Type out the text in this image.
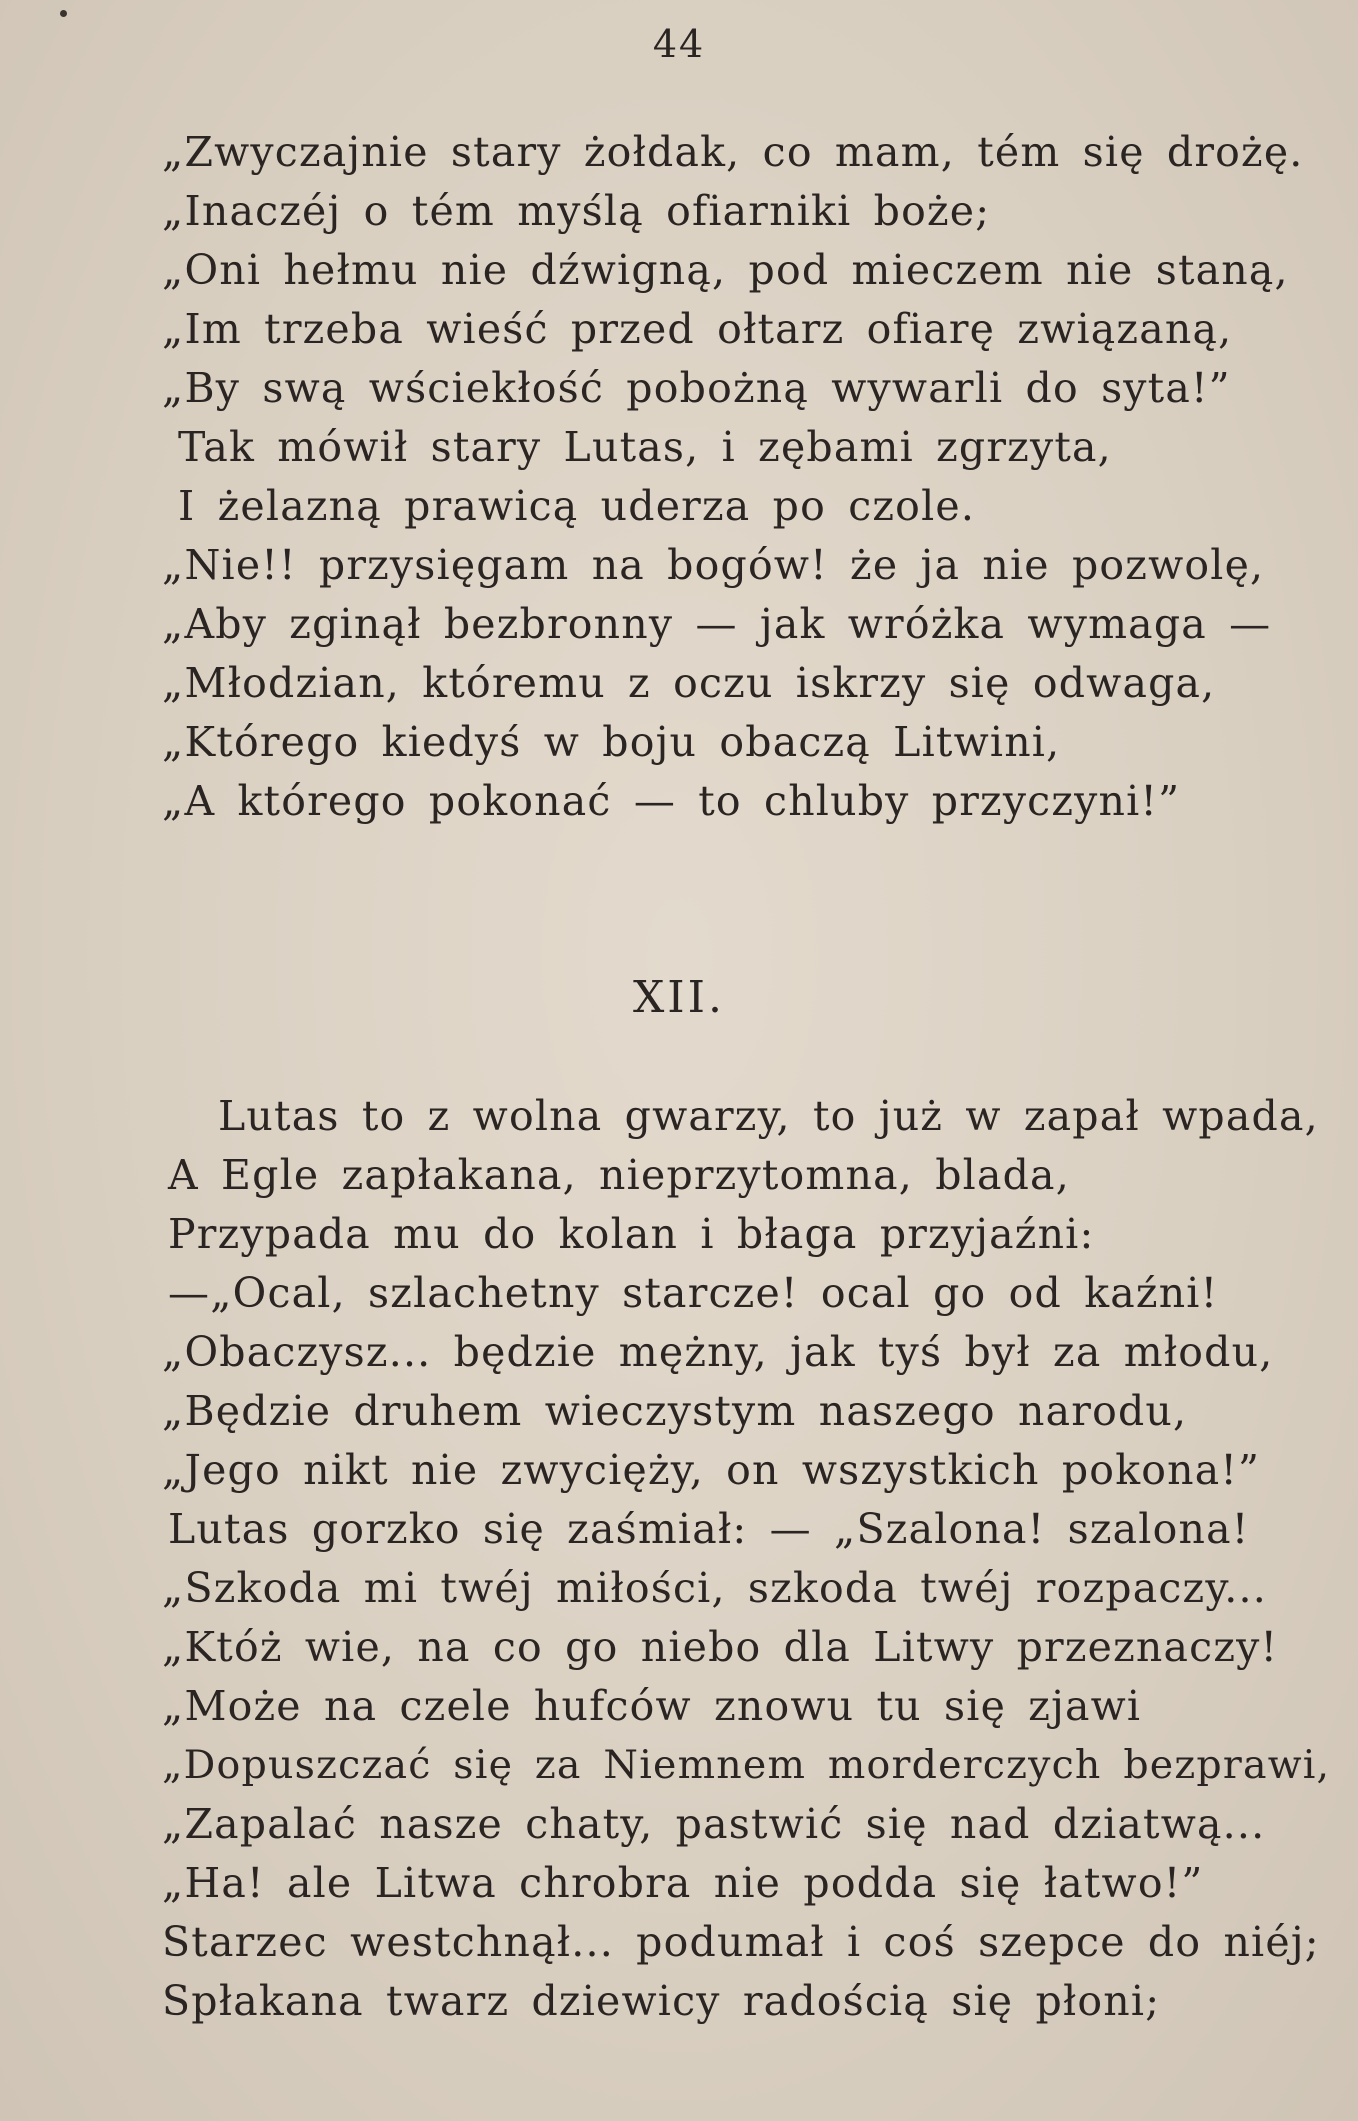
44
„Zwyczajnie stary żołdak, co mam, tém się drożę.
„Inaczéj o tém myślą ofiarniki boże;
„Oni hełmu nie dźwigną, pod mieczem nie staną,
„Im trzeba wieść przed ołtarz ofiarę związaną,
„By swą wściekłość pobożną wywarli do syta!”
Tak mówił stary Lutas, i zębami zgrzyta,
I żelazną prawicą uderza po czole.
„Nie!! przysięgam na bogów! że ja nie pozwolę,
„Aby zginął bezbronny — jak wróżka wymaga —
„Młodzian, któremu z oczu iskrzy się odwaga,
„Którego kiedyś w boju obaczą Litwini,
„A którego pokonać — to chluby przyczyni!”
XII.
Lutas to z wolna gwarzy, to już w zapał wpada,
A Egle zapłakana, nieprzytomna, blada,
Przypada mu do kolan i błaga przyjaźni:
—„Ocal, szlachetny starcze! ocal go od kaźni!
„Obaczysz... będzie mężny, jak tyś był za młodu,
„Będzie druhem wieczystym naszego narodu,
„Jego nikt nie zwycięży, on wszystkich pokona!”
Lutas gorzko się zaśmiał: — „Szalona! szalona!
„Szkoda mi twéj miłości, szkoda twéj rozpaczy...
„Któż wie, na co go niebo dla Litwy przeznaczy!
„Może na czele hufców znowu tu się zjawi
„Dopuszczać się za Niemnem morderczych bezprawi,
„Zapalać nasze chaty, pastwić się nad dziatwą...
„Ha! ale Litwa chrobra nie podda się łatwo!”
Starzec westchnął... podumał i coś szepce do niéj;
Spłakana twarz dziewicy radością się płoni;
